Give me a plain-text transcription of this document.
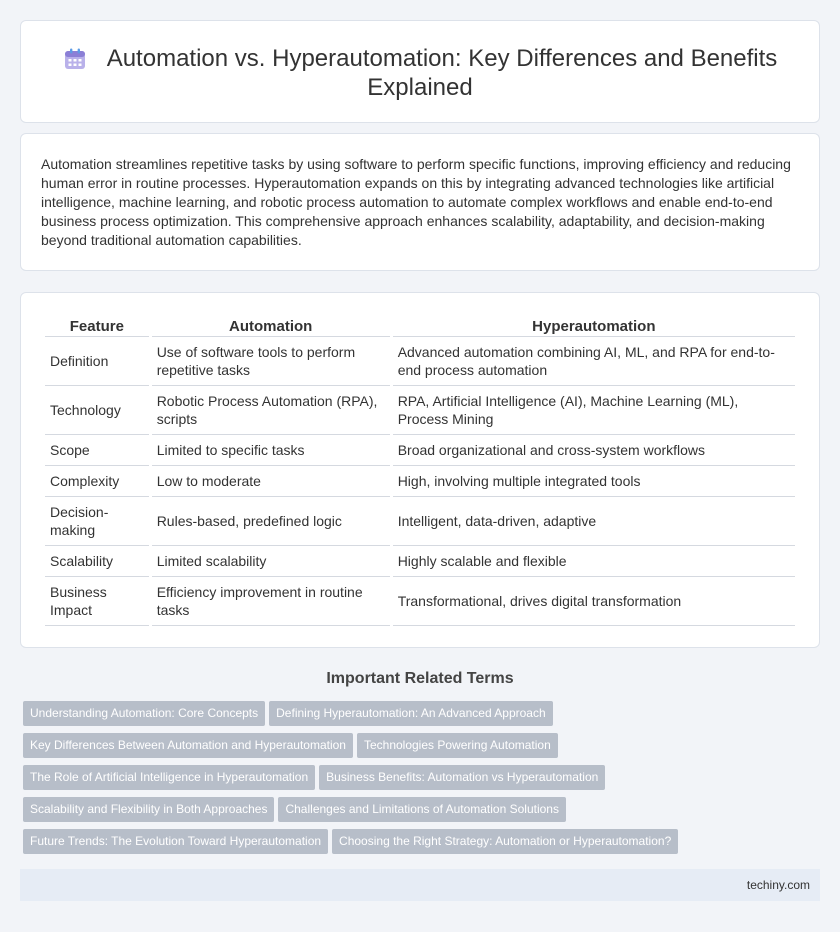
Automation vs. Hyperautomation: Key Differences and Benefits Explained

Automation streamlines repetitive tasks by using software to perform specific functions, improving efficiency and reducing human error in routine processes. Hyperautomation expands on this by integrating advanced technologies like artificial intelligence, machine learning, and robotic process automation to automate complex workflows and enable end-to-end business process optimization. This comprehensive approach enhances scalability, adaptability, and decision-making beyond traditional automation capabilities.

Feature	Automation	Hyperautomation
Definition	Use of software tools to perform repetitive tasks	Advanced automation combining AI, ML, and RPA for end-to-end process automation
Technology	Robotic Process Automation (RPA), scripts	RPA, Artificial Intelligence (AI), Machine Learning (ML), Process Mining
Scope	Limited to specific tasks	Broad organizational and cross-system workflows
Complexity	Low to moderate	High, involving multiple integrated tools
Decision-making	Rules-based, predefined logic	Intelligent, data-driven, adaptive
Scalability	Limited scalability	Highly scalable and flexible
Business Impact	Efficiency improvement in routine tasks	Transformational, drives digital transformation
Important Related Terms
Understanding Automation: Core Concepts Defining Hyperautomation: An Advanced Approach
Key Differences Between Automation and Hyperautomation Technologies Powering Automation
The Role of Artificial Intelligence in Hyperautomation Business Benefits: Automation vs Hyperautomation
Scalability and Flexibility in Both Approaches Challenges and Limitations of Automation Solutions
Future Trends: The Evolution Toward Hyperautomation Choosing the Right Strategy: Automation or Hyperautomation?
techiny.com
